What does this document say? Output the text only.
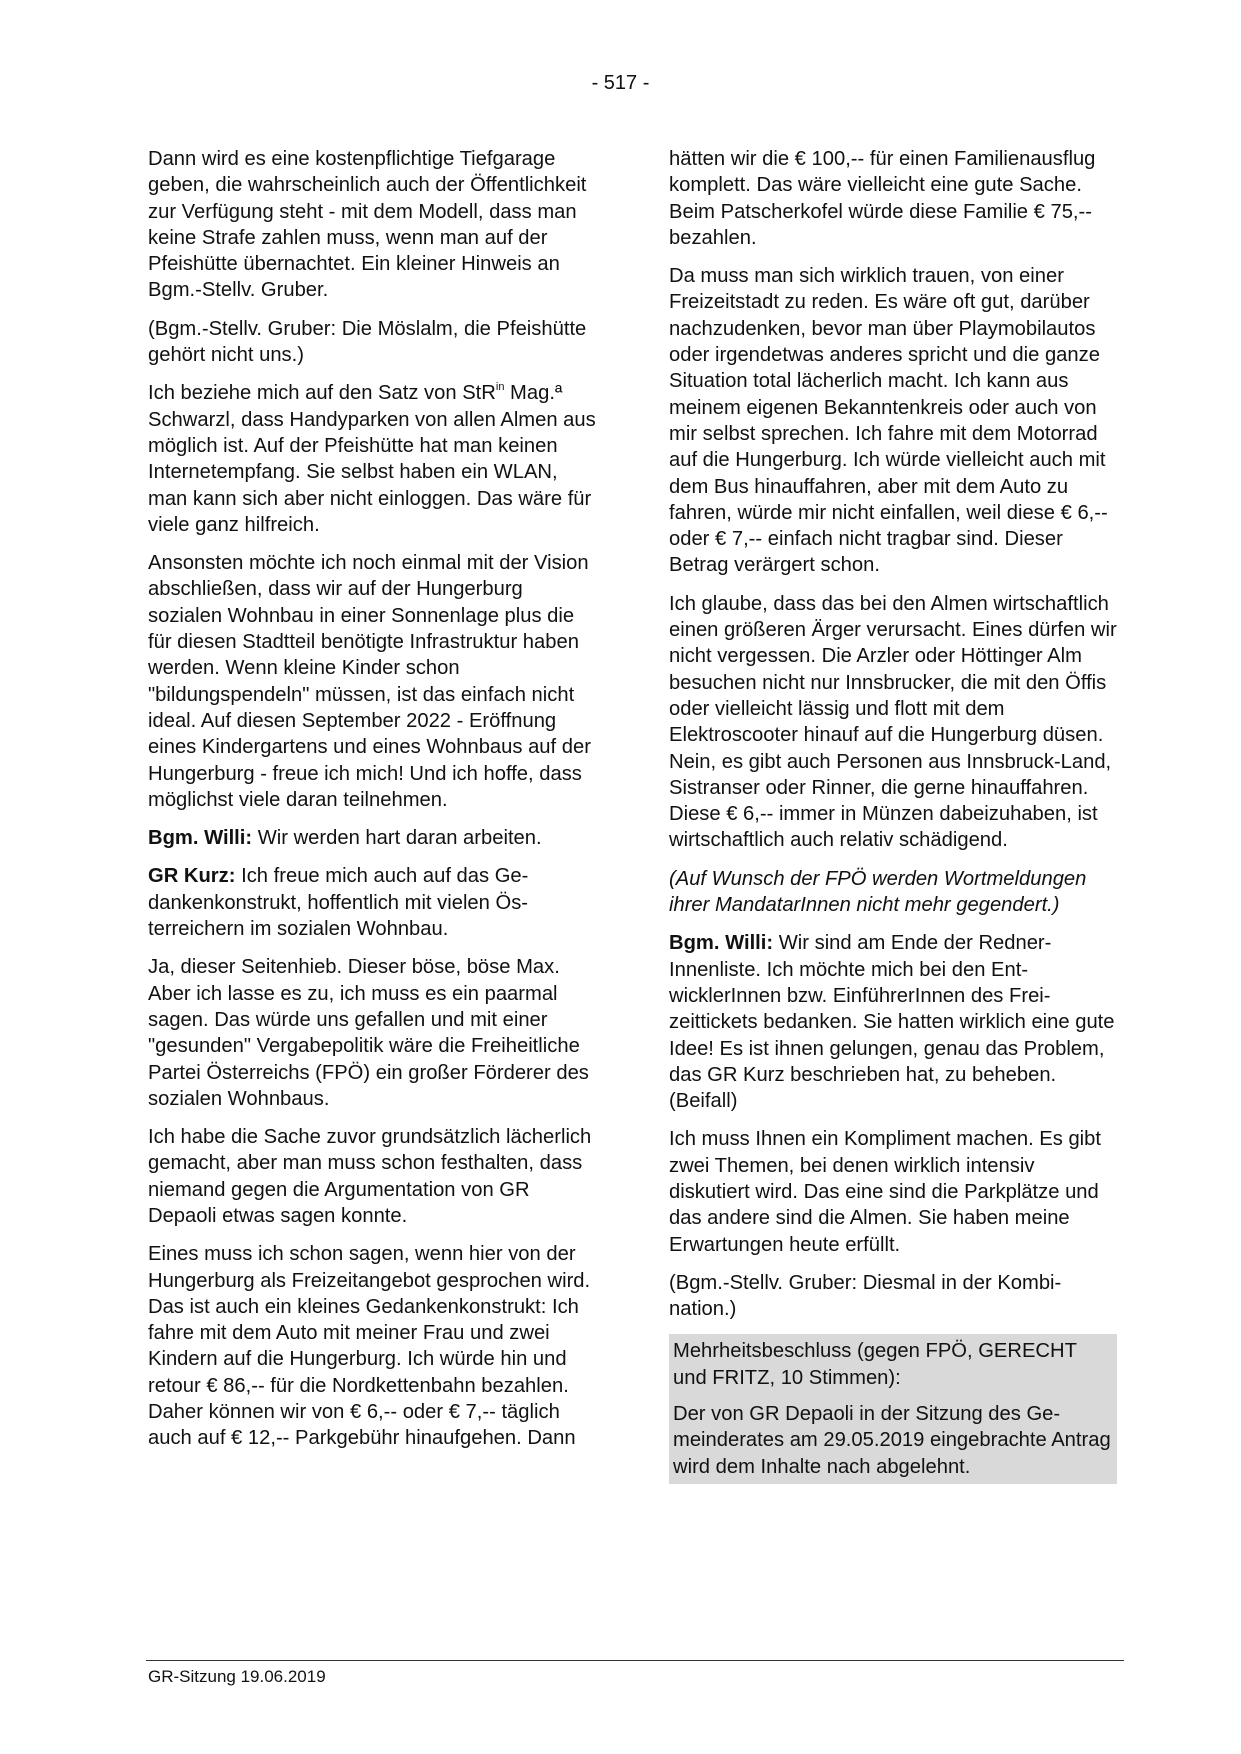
- 517 -

Dann wird es eine kostenpflichtige Tiefgarage geben, die wahrscheinlich auch der Öffentlichkeit zur Verfügung steht - mit dem Modell, dass man keine Strafe zahlen muss, wenn man auf der Pfeishütte übernachtet. Ein kleiner Hinweis an Bgm.-Stellv. Gruber.

(Bgm.-Stellv. Gruber: Die Möslalm, die Pfeishütte gehört nicht uns.)

Ich beziehe mich auf den Satz von StR$^{in}$ Mag.ª Schwarzl, dass Handyparken von allen Almen aus möglich ist. Auf der Pfeishütte hat man keinen Internetempfang. Sie selbst haben ein WLAN, man kann sich aber nicht einloggen. Das wäre für viele ganz hilfreich.

Ansonsten möchte ich noch einmal mit der Vision abschließen, dass wir auf der Hungerburg sozialen Wohnbau in einer Sonnenlage plus die für diesen Stadtteil benötigte Infrastruktur haben werden. Wenn kleine Kinder schon "bildungspendeln" müssen, ist das einfach nicht ideal. Auf diesen September 2022 - Eröffnung eines Kindergartens und eines Wohnbaus auf der Hungerburg - freue ich mich! Und ich hoffe, dass möglichst viele daran teilnehmen.

Bgm. Willi: Wir werden hart daran arbeiten.

GR Kurz: Ich freue mich auch auf das Gedankenkonstrukt, hoffentlich mit vielen Österreichern im sozialen Wohnbau.

Ja, dieser Seitenhieb. Dieser böse, böse Max. Aber ich lasse es zu, ich muss es ein paarmal sagen. Das würde uns gefallen und mit einer "gesunden" Vergabepolitik wäre die Freiheitliche Partei Österreichs (FPÖ) ein großer Förderer des sozialen Wohnbaus.

Ich habe die Sache zuvor grundsätzlich lächerlich gemacht, aber man muss schon festhalten, dass niemand gegen die Argumentation von GR Depaoli etwas sagen konnte.

Eines muss ich schon sagen, wenn hier von der Hungerburg als Freizeitangebot gesprochen wird. Das ist auch ein kleines Gedankenkonstrukt: Ich fahre mit dem Auto mit meiner Frau und zwei Kindern auf die Hungerburg. Ich würde hin und retour € 86,-- für die Nordkettenbahn bezahlen. Daher können wir von € 6,-- oder € 7,-- täglich auch auf € 12,-- Parkgebühr hinaufgehen. Dann

hätten wir die € 100,-- für einen Familienausflug komplett. Das wäre vielleicht eine gute Sache. Beim Patscherkofel würde diese Familie € 75,-- bezahlen.

Da muss man sich wirklich trauen, von einer Freizeitstadt zu reden. Es wäre oft gut, darüber nachzudenken, bevor man über Playmobilautos oder irgendetwas anderes spricht und die ganze Situation total lächerlich macht. Ich kann aus meinem eigenen Bekanntenkreis oder auch von mir selbst sprechen. Ich fahre mit dem Motorrad auf die Hungerburg. Ich würde vielleicht auch mit dem Bus hinauffahren, aber mit dem Auto zu fahren, würde mir nicht einfallen, weil diese € 6,-- oder € 7,-- einfach nicht tragbar sind. Dieser Betrag verärgert schon.

Ich glaube, dass das bei den Almen wirtschaftlich einen größeren Ärger verursacht. Eines dürfen wir nicht vergessen. Die Arzler oder Höttinger Alm besuchen nicht nur Innsbrucker, die mit den Öffis oder vielleicht lässig und flott mit dem Elektroscooter hinauf auf die Hungerburg düsen. Nein, es gibt auch Personen aus Innsbruck-Land, Sistranser oder Rinner, die gerne hinauffahren. Diese € 6,-- immer in Münzen dabeizuhaben, ist wirtschaftlich auch relativ schädigend.

(Auf Wunsch der FPÖ werden Wortmeldungen ihrer MandatarInnen nicht mehr gegendert.)

Bgm. Willi: Wir sind am Ende der RednerInnenliste. Ich möchte mich bei den EntwicklerInnen bzw. EinführerInnen des Freizeittickets bedanken. Sie hatten wirklich eine gute Idee! Es ist ihnen gelungen, genau das Problem, das GR Kurz beschrieben hat, zu beheben. (Beifall)

Ich muss Ihnen ein Kompliment machen. Es gibt zwei Themen, bei denen wirklich intensiv diskutiert wird. Das eine sind die Parkplätze und das andere sind die Almen. Sie haben meine Erwartungen heute erfüllt.

(Bgm.-Stellv. Gruber: Diesmal in der Kombination.)

Mehrheitsbeschluss (gegen FPÖ, GERECHT und FRITZ, 10 Stimmen):

Der von GR Depaoli in der Sitzung des Gemeinderates am 29.05.2019 eingebrachte Antrag wird dem Inhalte nach abgelehnt.

GR-Sitzung 19.06.2019
